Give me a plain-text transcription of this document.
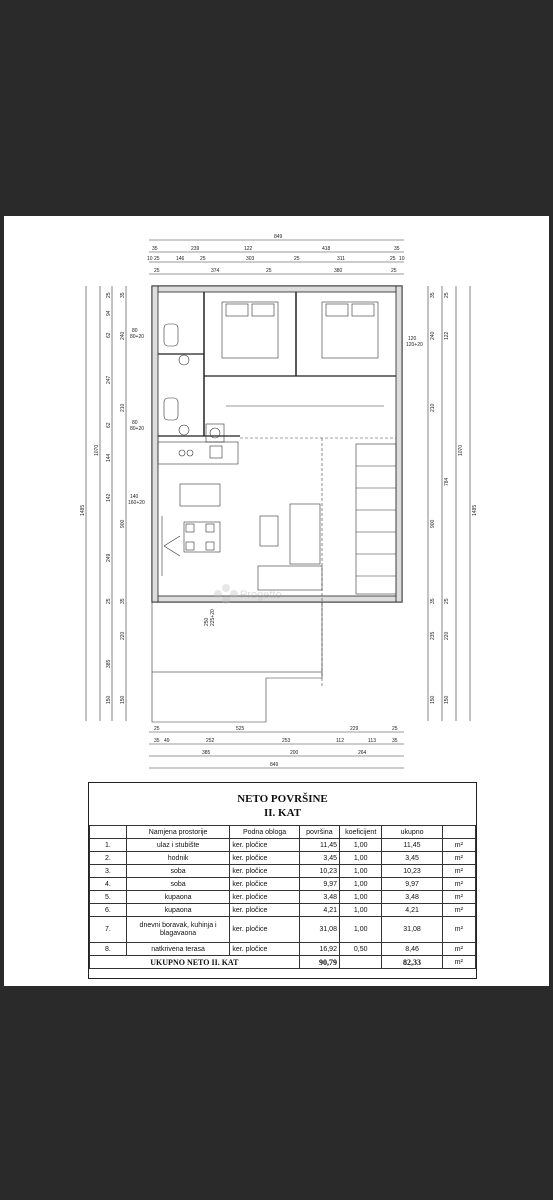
849
35	239	122	418	35
10 25	146	25	303	25	311	25 10
25	374	25	380	25
1485
1070
25
94
62
247
62
144
142
249
25
385
150
35
240
210
900
35
220
150
35
240
210
900
35
235
150
25
122
784
25
220
150
1070
1485
80
80+20
80
80+20
120
120+20
140
160+20
250 225+20
Progetto
25	525	229	25
35 49	252	253	112	113	35
385	200	264
849
NETO POVRŠINE
II. KAT
	Namjena prostorije	Podna obloga	površina	koeficijent	ukupno	
1.	ulaz i stubište	ker. pločice	11,45	1,00	11,45	m²
2.	hodnik	ker. pločice	3,45	1,00	3,45	m²
3.	soba	ker. pločice	10,23	1,00	10,23	m²
4.	soba	ker. pločice	9,97	1,00	9,97	m²
5.	kupaona	ker. pločice	3,48	1,00	3,48	m²
6.	kupaona	ker. pločice	4,21	1,00	4,21	m²
7.	dnevni boravak, kuhinja i blagavaona	ker. pločice	31,08	1,00	31,08	m²
8.	natkrivena terasa	ker. pločice	16,92	0,50	8,46	m²
UKUPNO NETO II. KAT			90,79		82,33	m²
